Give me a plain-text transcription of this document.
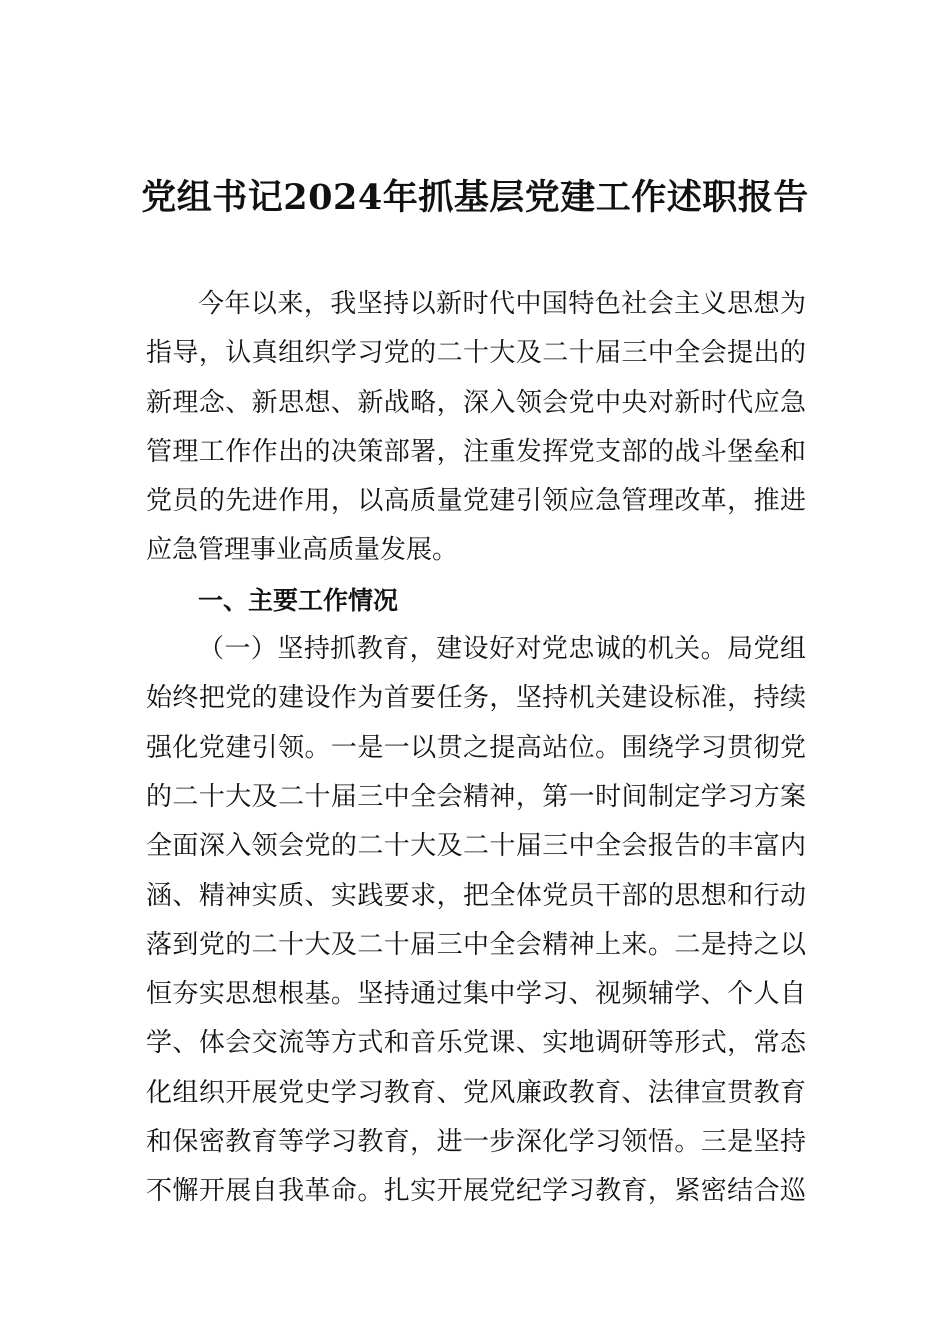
党组书记2024年抓基层党建工作述职报告
今年以来，我坚持以新时代中国特色社会主义思想为
指导，认真组织学习党的二十大及二十届三中全会提出的
新理念、新思想、新战略，深入领会党中央对新时代应急
管理工作作出的决策部署，注重发挥党支部的战斗堡垒和
党员的先进作用，以高质量党建引领应急管理改革，推进
应急管理事业高质量发展。
一、主要工作情况
（一）坚持抓教育，建设好对党忠诚的机关。局党组
始终把党的建设作为首要任务，坚持机关建设标准，持续
强化党建引领。一是一以贯之提高站位。围绕学习贯彻党
的二十大及二十届三中全会精神，第一时间制定学习方案
全面深入领会党的二十大及二十届三中全会报告的丰富内
涵、精神实质、实践要求，把全体党员干部的思想和行动
落到党的二十大及二十届三中全会精神上来。二是持之以
恒夯实思想根基。坚持通过集中学习、视频辅学、个人自
学、体会交流等方式和音乐党课、实地调研等形式，常态
化组织开展党史学习教育、党风廉政教育、法律宣贯教育
和保密教育等学习教育，进一步深化学习领悟。三是坚持
不懈开展自我革命。扎实开展党纪学习教育，紧密结合巡
